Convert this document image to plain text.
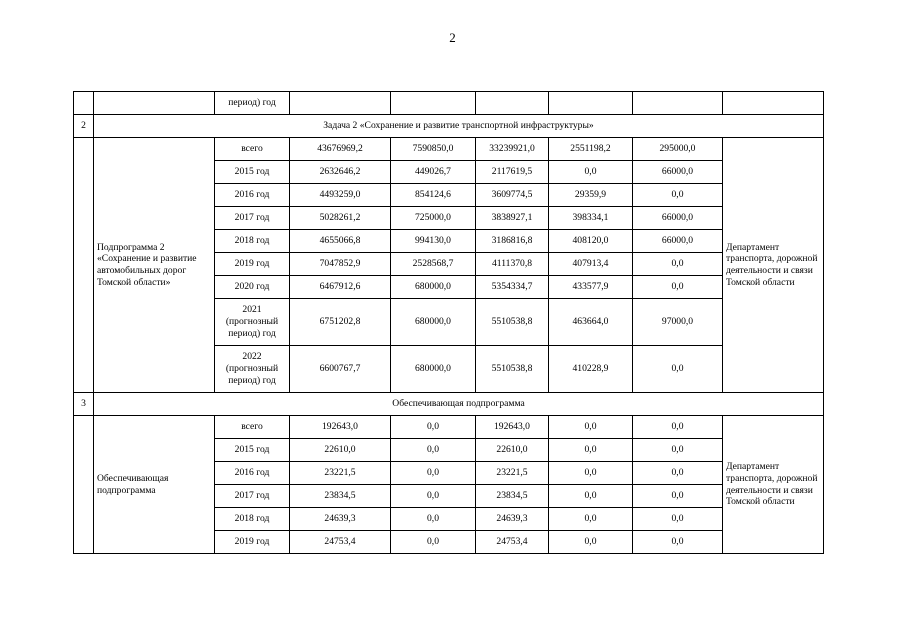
2
		период) год						
2	Задача 2 «Сохранение и развитие транспортной инфраструктуры»							
	Подпрограмма 2 «Сохранение и развитие автомобильных дорог Томской области»	всего	43676969,2	7590850,0	33239921,0	2551198,2	295000,0	Департамент транспорта, дорожной деятельности и связи Томской области
		2015 год	2632646,2	449026,7	2117619,5	0,0	66000,0	
		2016 год	4493259,0	854124,6	3609774,5	29359,9	0,0	
		2017 год	5028261,2	725000,0	3838927,1	398334,1	66000,0	
		2018 год	4655066,8	994130,0	3186816,8	408120,0	66000,0	
		2019 год	7047852,9	2528568,7	4111370,8	407913,4	0,0	
		2020 год	6467912,6	680000,0	5354334,7	433577,9	0,0	
		2021 (прогнозный период) год	6751202,8	680000,0	5510538,8	463664,0	97000,0	
		2022 (прогнозный период) год	6600767,7	680000,0	5510538,8	410228,9	0,0	
3	Обеспечивающая подпрограмма							
	Обеспечивающая подпрограмма	всего	192643,0	0,0	192643,0	0,0	0,0	Департамент транспорта, дорожной деятельности и связи Томской области
		2015 год	22610,0	0,0	22610,0	0,0	0,0	
		2016 год	23221,5	0,0	23221,5	0,0	0,0	
		2017 год	23834,5	0,0	23834,5	0,0	0,0	
		2018 год	24639,3	0,0	24639,3	0,0	0,0	
		2019 год	24753,4	0,0	24753,4	0,0	0,0	
